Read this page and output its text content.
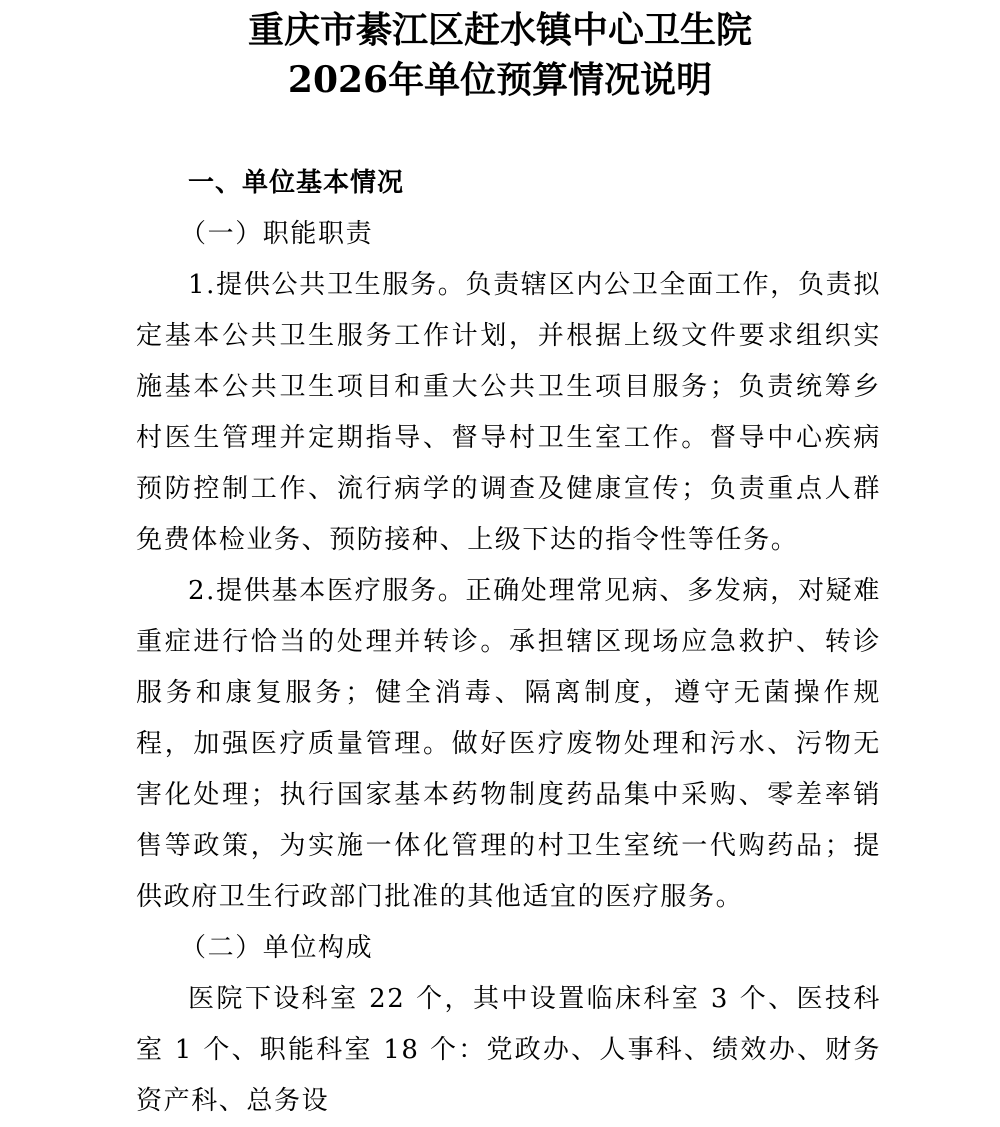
重庆市綦江区赶水镇中心卫生院
2026年单位预算情况说明

一、单位基本情况

（一）职能职责

1.提供公共卫生服务。负责辖区内公卫全面工作，负责拟定基本公共卫生服务工作计划，并根据上级文件要求组织实施基本公共卫生项目和重大公共卫生项目服务；负责统筹乡村医生管理并定期指导、督导村卫生室工作。督导中心疾病预防控制工作、流行病学的调查及健康宣传；负责重点人群免费体检业务、预防接种、上级下达的指令性等任务。

2.提供基本医疗服务。正确处理常见病、多发病，对疑难重症进行恰当的处理并转诊。承担辖区现场应急救护、转诊服务和康复服务；健全消毒、隔离制度，遵守无菌操作规程，加强医疗质量管理。做好医疗废物处理和污水、污物无害化处理；执行国家基本药物制度药品集中采购、零差率销售等政策，为实施一体化管理的村卫生室统一代购药品；提供政府卫生行政部门批准的其他适宜的医疗服务。

（二）单位构成

医院下设科室 22 个，其中设置临床科室 3 个、医技科室 1 个、职能科室 18 个：党政办、人事科、绩效办、财务资产科、总务设
